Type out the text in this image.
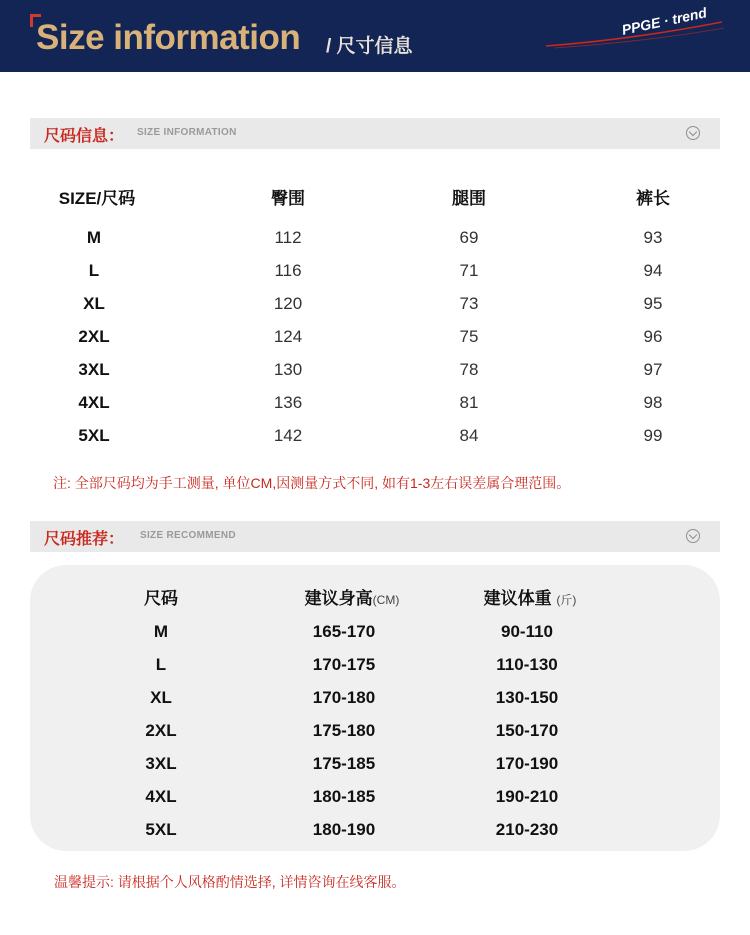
Size information / 尺寸信息
PPGE · trend
尺码信息： SIZE INFORMATION
SIZE/尺码	臀围	腿围	裤长
M	112	69	93
L	116	71	94
XL	120	73	95
2XL	124	75	96
3XL	130	78	97
4XL	136	81	98
5XL	142	84	99
注: 全部尺码均为手工测量, 单位CM,因测量方式不同, 如有1-3左右误差属合理范围。
尺码推荐： SIZE RECOMMEND
尺码	建议身高(CM)	建议体重 (斤)
M	165-170	90-110
L	170-175	110-130
XL	170-180	130-150
2XL	175-180	150-170
3XL	175-185	170-190
4XL	180-185	190-210
5XL	180-190	210-230
温馨提示: 请根据个人风格酌情选择, 详情咨询在线客服。
